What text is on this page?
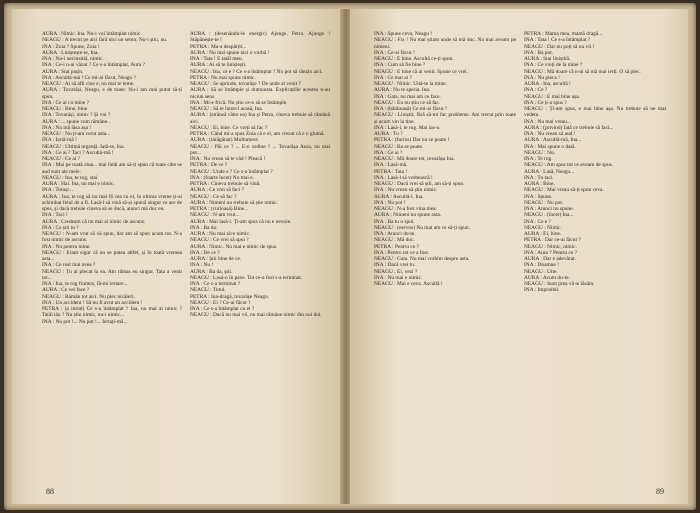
AURA : Nimic. Ina. Nu-i voi întâmplat nimic.

NEAGU : A trecut pe aici fără nici un semn. Nu-i știu, nu.

INA : Zoia ? Spune, Zoia !

AURA : Liniștește-te, Ina.

INA : Nu-i necinstită, nimic.

INA : Ce-i n-ai văzut ? Ce s-a întâmplat, Aura ?

AURA : Stai puțin.

INA : Ascultă-mă ! Ce mi-ai făcut, Neagu ?

NEAGU : Ai să afli cine e, nu mai te teme.

AURA : Tovarăși, Neagu, e de toate. Nu-i am mai putut să-ți spun.

INA : Ce ai cu mine ?

NEAGU : Bine, bine.

INA : Tovarăși, nimic ? Și voi ?

AURA : ... spune cum rămâne...

INA : Nu mă lăsa așa !

NEAGU : Nu ți-am cerut asta...

INA : Iartă-mă !

NEAGU : Ultimă urgență. Iată-te, Ina.

INA : Ce ai ? Taci ? Ascultă-mă !

NEAGU : Ce ai ?

INA : Mai pe toată ziua... mai întâi am să-ți spun că toate câte se aud sunt ale mele.

NEAGU : Ina, te rog, stai.

AURA : Hai. Ina, nu mai e nimic.

INA : Totuși...

AURA : Ina, te rog să nu mai fii rea cu el, în ultima vreme ți-ai schimbat felul de a fi. Lasă-l să vină să-și spună singur ce are de spus, și dacă trebuie cineva să se ducă, atunci mă duc eu.

INA : Taci !

AURA : Credeam că nu mai ai nimic de ascuns.

INA : Ce știi tu ?

NEAGU : N-am vrut să vă spun, dar am să spun acum tot. N-a fost nimic de ascuns.

INA : Nu pentru mine.

NEAGU : Eram sigur că nu se putea altfel, și în toată vremea asta...

INA : Ce rost mai avea ?

NEAGU : Tu ai plecat la ea. Am rămas eu singur. Tata a venit tot...

INA : Ina, te rog frumos, fă-mi iertare...

AURA : Ce vei face ?

NEAGU : Rămân tot aici. Nu plec nicăieri.

INA : Un accident ! Să nu fi avut un accident !

PETRA : (a intrat) Ce s-a întâmplat ? Ina, nu mai ai nimic ? Tatăl tău ? Nu știu nimic, nu-i nimic...

INA : Nu pot !... Nu pot !... Iertați-mă...

AURA : (desenându-le energic) Ajunge, Petra. Ajunge ! Stăpânește-te !

PETRA : Ma-a despărțit...

AURA : Nu mai spune nici o vorbă !

INA : Tata ! E tatăl meu.

AURA : Ai să te liniștești.

NEAGU : Ina, ce e ? Ce s-a întâmplat ? Nu pot să rămân aici.

PETRA : Nu mai spune nimic.

NEAGU : Se aprinde, tovarășe ? De unde ai venit ?

AURA : Să se întâmple și dumneata. Explicațiile acestea n-au niciun sens.

INA : Mi-e frică. Nu știu ce-o să se întâmple.

NEAGU : Să te întorci acasă, Ina.

AURA : (strânsă către ea) Ina și Petra, cineva trebuie să rămână aici.

NEAGU : Ei, bine. Ce vreți să fac ?

PETRA : Când mi-a spus Zoia că e el, am crezut că e o glumă.

AURA : (tărăgănat) Multumesc.

NEAGU : Păi ce ? ... E-n ordine ? ... Tovarășa Aura, nu mai pot...

INA : Nu vreau să te văd ! Pleacă !

PETRA : De ce ?

NEAGU : Unde e ? Ce s-a întâmplat ?

INA : (foarte încet) Nu mai e.

PETRA : Cineva trebuie să vină.

AURA : Ce vrei să faci ?

NEAGU : Ce să fac ?

AURA : Nimeni nu trebuie să știe nimic.

PETRA : (curioasă) Bine...

NEAGU : N-am vrut...

AURA : Mai lasă-l. Ți-am spus că nu e nevoie.

INA : Ba da.

AURA : Nu mai zice nimic.

NEAGU : Ce vrei să spui ?

AURA : Nimic. Nu mai e nimic de spus.

INA : De ce ?

AURA : Știi bine de ce.

INA : Nu !

AURA : Ba da, știi.

NEAGU : Lasă-o în pace. Tot ce-a fost s-a terminat.

INA : Ce s-a terminat ?

NEAGU : Totul.

PETRA : Ina-dragă, tovarășe Neagu.

NEAGU : Ei ? Ce-ai făcut ?

INA : Ce s-a întâmplat cu el ?

NEAGU : Dacă nu mai vii, nu mai rămâne nimic din noi doi.

88

INA : Spune ceva, Neagu !

NEAGU : Fix ! Nu mai știam unde să mă duc. Nu mai aveam pe nimeni.

INA : Ce-ai făcut ?

NEAGU : E bine. Ascultă ce-ți spun.

INA : Cum să fie bine ?

NEAGU : E bine că ai venit. Spune ce vrei.

INA : Ce mai ai ?

NEAGU : Nimic. Uită-te la mine.

AURA : Nu te speria. Ina.

INA : Gata, nu mai am ce face.

NEAGU : Eu nu știu ce să fac.

INA : (bătăioasă) Ce mi-ai făcut ?

NEAGU : Liniștit, fără să-mi fac probleme. Am trecut prin toate și acum vin la tine.

INA : Lasă-l, te rog. Mai las-o.

AURA : Tu ?

PETRA : (furios) Dar nu se poate !

NEAGU : Ba se poate.

INA : Ce ai ?

NEAGU : Mă doare tot, tovarășa Ina.

INA : Lasă-mă.

PETRA : Tata !

INA : Lasă-l să vorbească !

NEAGU : Dacă vrei să știi, am să-ți spun.

INA : Nu vreau să știu nimic.

AURA : Ascultă-l, Ina.

INA : Nu pot !

NEAGU : N-a fost vina mea.

AURA : Nimeni nu spune asta.

INA : Ba tu o spui.

NEAGU : (nervos) Nu mai am ce să-ți spun.

INA : Atunci du-te.

NEAGU : Mă duc.

PETRA : Pentru ce ?

INA : Pentru tot ce a fost.

NEAGU : Gata. Nu mai vorbim despre asta.

INA : Dacă vrei tu.

NEAGU : Ei, vezi ?

INA : Nu mai e nimic.

NEAGU : Mai e ceva. Ascultă !

PETRA : Mama mea, mamă dragă...

INA : Tata ! Ce s-a întâmplat ?

NEAGU : Dar nu poți să nu vii !

INA : Ba pot.

AURA : Stai liniștită.

INA : Ce vreți de la mine ?

NEAGU : Mă doare că n-ai să mă mai ierți. O să plec.

INA : Nu pleca !

AURA : Ina, ascultă !

INA : Ce ?

NEAGU : E mai bine așa.

INA : Ce ți-a spus ?

NEAGU : Ți-am spus, e mai bine așa. Nu trebuie să ne mai vedem.

INA : Nu mai vreau...

AURA : (privind) Iată ce trebuie să faci...

INA : Nu vreau să aud !

AURA : Ascultă-mă, Ina...

INA : Mai spune o dată.

NEAGU : Nu.

INA : Te rog.

NEAGU : Am spus tot ce aveam de spus.

AURA : Lasă, Neagu...

INA : Tu taci.

AURA : Bine.

NEAGU : Mai vreau să-ți spun ceva.

INA : Spune.

NEAGU : Nu pot.

INA : Atunci nu spune.

NEAGU : (încet) Ina...

INA : Ce e ?

NEAGU : Nimic.

AURA : Ei, bine.

PETRA : Dar ce-ai făcut ?

NEAGU : Nimic, nimic.

INA : Aura ? Pentru ce ?

AURA : Dar e adevărat.

INA : Doamne !

NEAGU : Uite.

AURA : Acum du-te.

NEAGU : Sunt prea vă te lăsăm.

INA : Imposibil.

89
